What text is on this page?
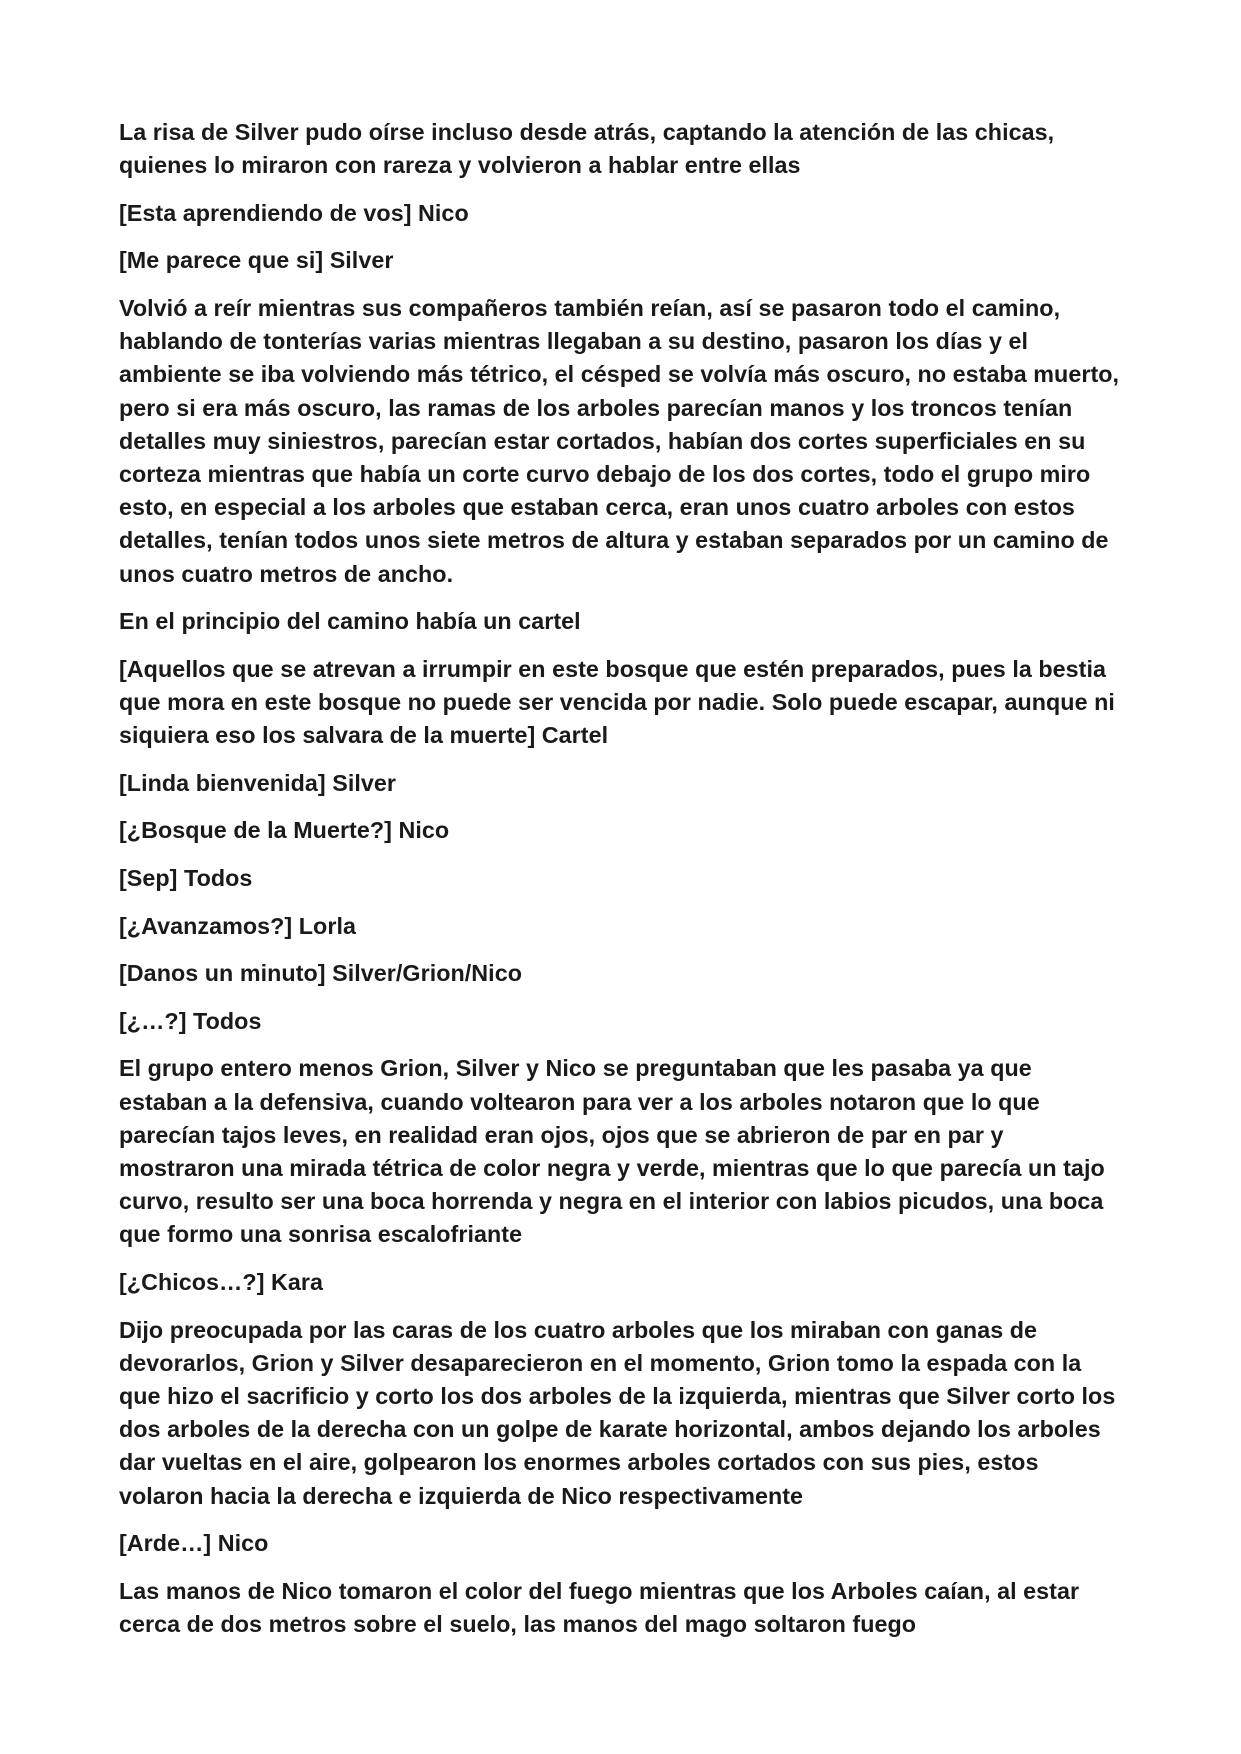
La risa de Silver pudo oírse incluso desde atrás, captando la atención de las chicas, quienes lo miraron con rareza y volvieron a hablar entre ellas

[Esta aprendiendo de vos] Nico

[Me parece que si] Silver

Volvió a reír mientras sus compañeros también reían, así se pasaron todo el camino, hablando de tonterías varias mientras llegaban a su destino, pasaron los días y el ambiente se iba volviendo más tétrico, el césped se volvía más oscuro, no estaba muerto, pero si era más oscuro, las ramas de los arboles parecían manos y los troncos tenían detalles muy siniestros, parecían estar cortados, habían dos cortes superficiales en su corteza mientras que había un corte curvo debajo de los dos cortes, todo el grupo miro esto, en especial a los arboles que estaban cerca, eran unos cuatro arboles con estos detalles, tenían todos unos siete metros de altura y estaban separados por un camino de unos cuatro metros de ancho.

En el principio del camino había un cartel

[Aquellos que se atrevan a irrumpir en este bosque que estén preparados, pues la bestia que mora en este bosque no puede ser vencida por nadie. Solo puede escapar, aunque ni siquiera eso los salvara de la muerte] Cartel

[Linda bienvenida] Silver

[¿Bosque de la Muerte?] Nico

[Sep] Todos

[¿Avanzamos?] Lorla

[Danos un minuto] Silver/Grion/Nico

[¿…?] Todos

El grupo entero menos Grion, Silver y Nico se preguntaban que les pasaba ya que estaban a la defensiva, cuando voltearon para ver a los arboles notaron que lo que parecían tajos leves, en realidad eran ojos, ojos que se abrieron de par en par y mostraron una mirada tétrica de color negra y verde, mientras que lo que parecía un tajo curvo, resulto ser una boca horrenda y negra en el interior con labios picudos, una boca que formo una sonrisa escalofriante

[¿Chicos…?] Kara

Dijo preocupada por las caras de los cuatro arboles que los miraban con ganas de devorarlos, Grion y Silver desaparecieron en el momento, Grion tomo la espada con la que hizo el sacrificio y corto los dos arboles de la izquierda, mientras que Silver corto los dos arboles de la derecha con un golpe de karate horizontal, ambos dejando los arboles dar vueltas en el aire, golpearon los enormes arboles cortados con sus pies, estos volaron hacia la derecha e izquierda de Nico respectivamente

[Arde…] Nico

Las manos de Nico tomaron el color del fuego mientras que los Arboles caían, al estar cerca de dos metros sobre el suelo, las manos del mago soltaron fuego
